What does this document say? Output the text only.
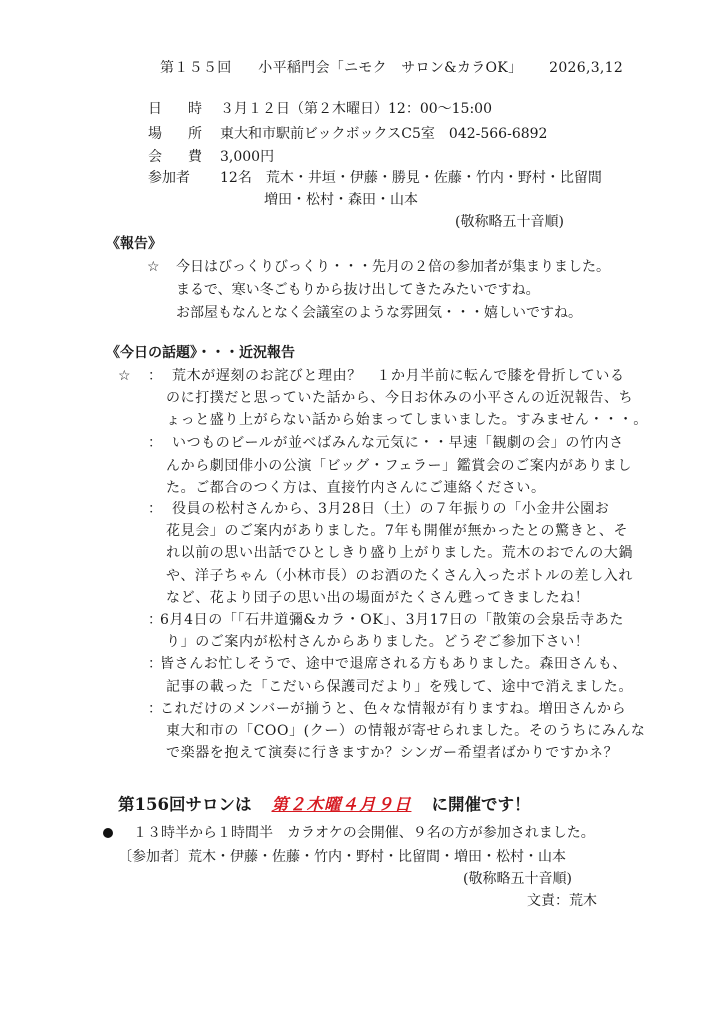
第１５５回 小平稲門会「ニモク　サロン&カラOK」 2026,3,12
日　時 ３月１２日（第２木曜日）12：00〜15:00
場　所 東大和市駅前ビックボックスC5室　042-566-6892
会　費 3,000円
参加者 12名 荒木・井垣・伊藤・勝見・佐藤・竹内・野村・比留間
増田・松村・森田・山本
(敬称略五十音順)
《報告》
☆ 今日はびっくりびっくり・・・先月の２倍の参加者が集まりました。
まるで、寒い冬ごもりから抜け出してきたみたいですね。
お部屋もなんとなく会議室のような雰囲気・・・嬉しいですね。
《今日の話題》・・・近況報告
☆ ： 荒木が遅刻のお詫びと理由？　１か月半前に転んで膝を骨折している
のに打撲だと思っていた話から、今日お休みの小平さんの近況報告、ち
ょっと盛り上がらない話から始まってしまいました。すみません・・・。
： いつものビールが並べばみんな元気に・・早速「観劇の会」の竹内さ
んから劇団俳小の公演「ビッグ・フェラー」鑑賞会のご案内がありまし
た。ご都合のつく方は、直接竹内さんにご連絡ください。
： 役員の松村さんから、3月28日（土）の７年振りの「小金井公園お
花見会」のご案内がありました。7年も開催が無かったとの驚きと、そ
れ以前の思い出話でひとしきり盛り上がりました。荒木のおでんの大鍋
や、洋子ちゃん（小林市長）のお酒のたくさん入ったボトルの差し入れ
など、花より団子の思い出の場面がたくさん甦ってきましたね！
：
6月4日の「「石井道彌&カラ・OK」、3月17日の「散策の会泉岳寺あた
り」のご案内が松村さんからありました。どうぞご参加下さい！
：
皆さんお忙しそうで、途中で退席される方もありました。森田さんも、
記事の載った「こだいら保護司だより」を残して、途中で消えました。
：
これだけのメンバーが揃うと、色々な情報が有りますね。増田さんから
東大和市の「COO」(クー）の情報が寄せられました。そのうちにみんな
で楽器を抱えて演奏に行きますか？シンガー希望者ばかりですかネ？
第156回サロンは 第２木曜４月９日 に開催です！
１３時半から１時間半　カラオケの会開催、９名の方が参加されました。
〔参加者〕荒木・伊藤・佐藤・竹内・野村・比留間・増田・松村・山本
(敬称略五十音順)
文責：荒木
